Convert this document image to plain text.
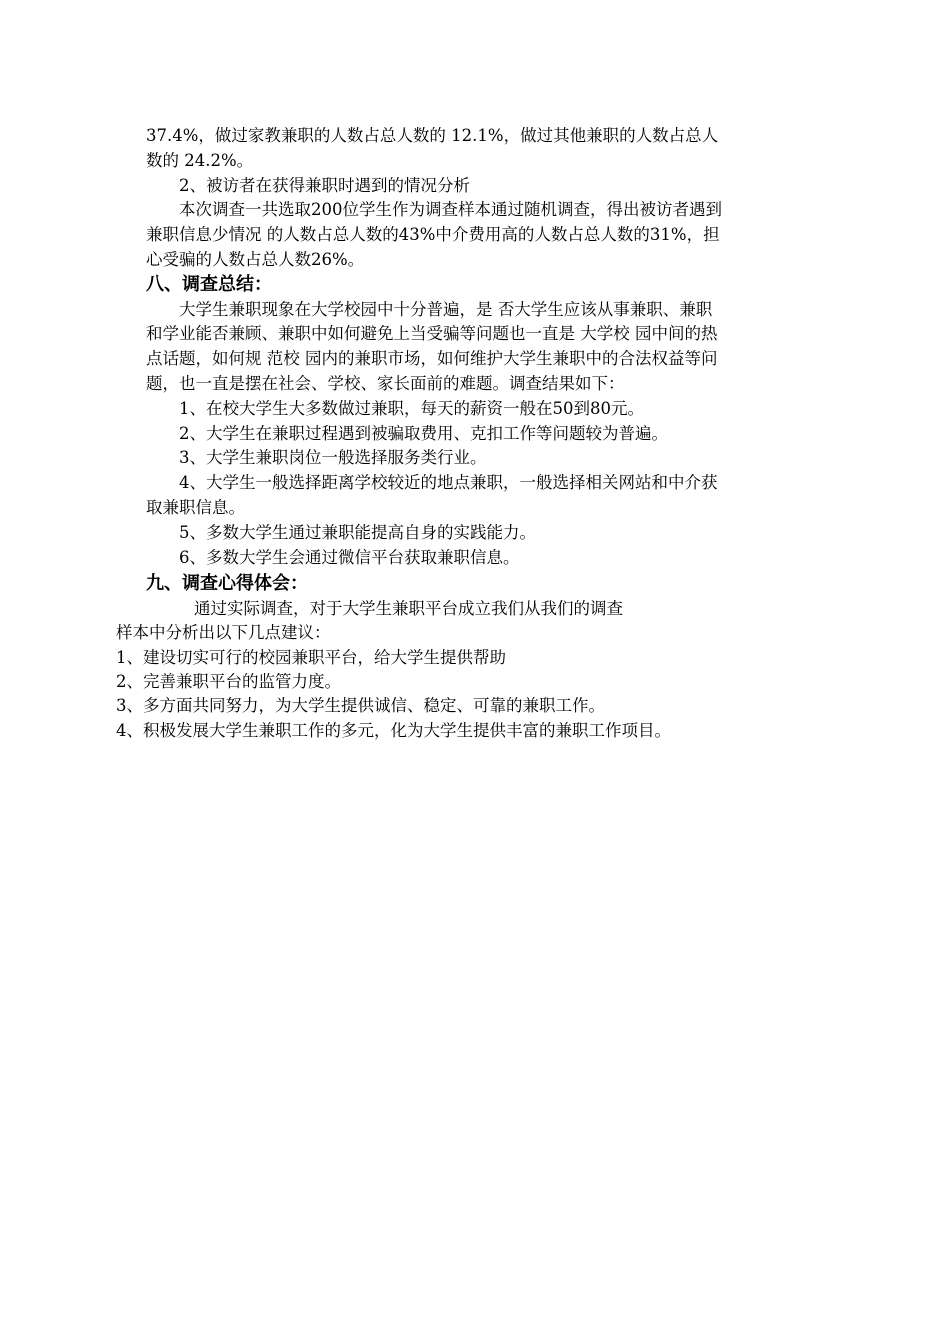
37.4%，做过家教兼职的人数占总人数的 12.1%，做过其他兼职的人数占总人
数的 24.2%。
2、被访者在获得兼职时遇到的情况分析
本次调查一共选取200位学生作为调查样本通过随机调查，得出被访者遇到
兼职信息少情况 的人数占总人数的43%中介费用高的人数占总人数的31%，担
心受骗的人数占总人数26%。
八、调查总结：
大学生兼职现象在大学校园中十分普遍，是 否大学生应该从事兼职、兼职
和学业能否兼顾、兼职中如何避免上当受骗等问题也一直是 大学校 园中间的热
点话题，如何规 范校 园内的兼职市场，如何维护大学生兼职中的合法权益等问
题，也一直是摆在社会、学校、家长面前的难题。调查结果如下：
1、在校大学生大多数做过兼职，每天的薪资一般在50到80元。
2、大学生在兼职过程遇到被骗取费用、克扣工作等问题较为普遍。
3、大学生兼职岗位一般选择服务类行业。
4、大学生一般选择距离学校较近的地点兼职，一般选择相关网站和中介获
取兼职信息。
5、多数大学生通过兼职能提高自身的实践能力。
6、多数大学生会通过微信平台获取兼职信息。
九、调查心得体会：
通过实际调查，对于大学生兼职平台成立我们从我们的调查
样本中分析出以下几点建议：
1、建设切实可行的校园兼职平台，给大学生提供帮助
2、完善兼职平台的监管力度。
3、多方面共同努力，为大学生提供诚信、稳定、可靠的兼职工作。
4、积极发展大学生兼职工作的多元，化为大学生提供丰富的兼职工作项目。
